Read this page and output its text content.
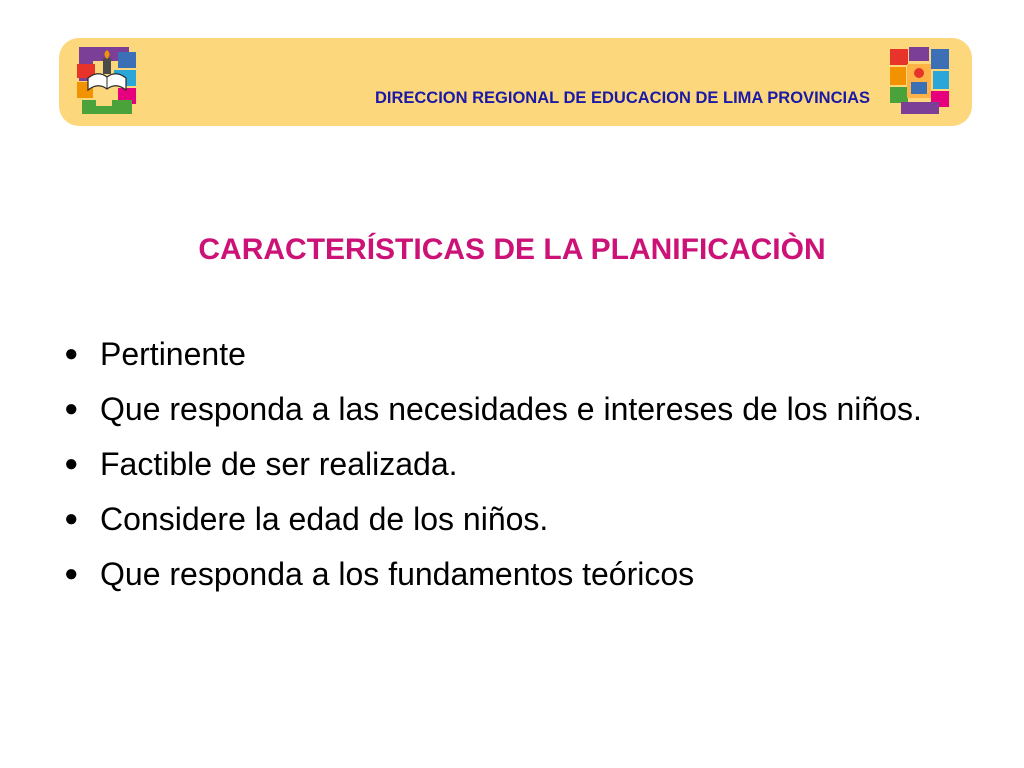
DIRECCION REGIONAL DE EDUCACION DE LIMA PROVINCIAS
CARACTERÍSTICAS DE LA PLANIFICACIÒN
● Pertinente
● Que responda a las necesidades e intereses de los niños.
● Factible de ser realizada.
● Considere la edad de los niños.
● Que responda a los fundamentos teóricos
